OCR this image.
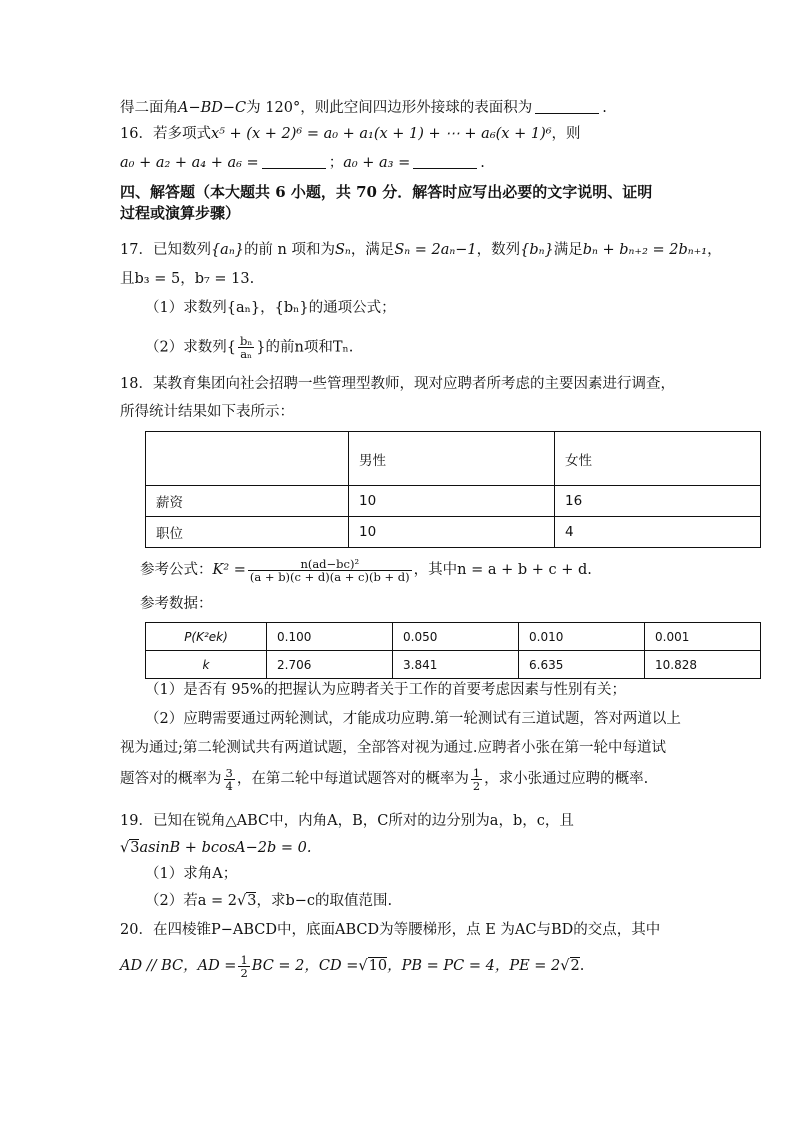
得二面角A−BD−C为 120°，则此空间四边形外接球的表面积为	.
16．若多项式x⁵ + (x + 2)⁶ = a₀ + a₁(x + 1) + ⋯ + a₆(x + 1)⁶，则
a₀ + a₂ + a₄ + a₆ =	；a₀ + a₃ =	.
四、解答题（本大题共 6 小题，共 70 分．解答时应写出必要的文字说明、证明
过程或演算步骤）
17．已知数列{aₙ}的前 n 项和为Sₙ，满足Sₙ = 2aₙ−1，数列{bₙ}满足bₙ + bₙ₊₂ = 2bₙ₊₁，
且b₃ = 5，b₇ = 13.
（1）求数列{aₙ}，{bₙ}的通项公式；
（2）求数列{ $\frac{\text{bₙ}}{\text{aₙ}}$ }的前n项和Tₙ.
18．某教育集团向社会招聘一些管理型教师，现对应聘者所考虑的主要因素进行调查，
所得统计结果如下表所示：
	男性	女性
薪资	10	16
职位	10	4
参考公式：$K^2 = \frac{\text{n(ad−bc)²}}{(a + b)(c + d)(a + c)(b + d)}$ ，其中n = a + b + c + d.
参考数据：
P(K²ek)	0.100	0.050	0.010	0.001
k	2.706	3.841	6.635	10.828
（1）是否有 95%的把握认为应聘者关于工作的首要考虑因素与性别有关；
（2）应聘需要通过两轮测试，才能成功应聘.第一轮测试有三道试题，答对两道以上
视为通过;第二轮测试共有两道试题，全部答对视为通过.应聘者小张在第一轮中每道试
题答对的概率为 $\frac{3}{4}$ ，在第二轮中每道试题答对的概率为 $\frac{1}{2}$ ，求小张通过应聘的概率.
19．已知在锐角△ABC中，内角A，B，C所对的边分别为a，b，c，且
√3asinB + bcosA−2b = 0.
（1）求角A；
（2）若a = 2√3，求b−c的取值范围.
20．在四棱锥P−ABCD中，底面ABCD为等腰梯形，点 E 为AC与BD的交点，其中
AD // BC，AD = $\frac{1}{2}$ BC = 2，CD =√10，PB = PC = 4，PE = 2√2.
